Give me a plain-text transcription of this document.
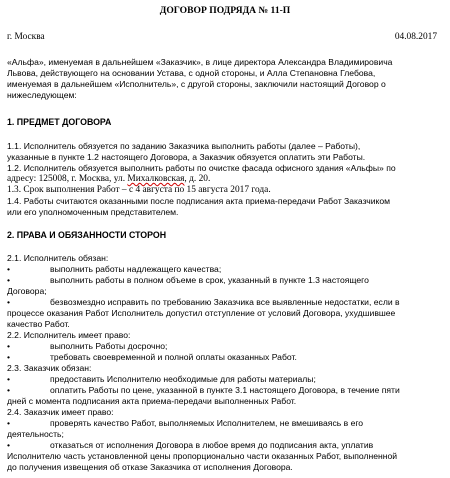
ДОГОВОР ПОДРЯДА № 11-П
г. Москва	04.08.2017
«Альфа», именуемая в дальнейшем «Заказчик», в лице директора Александра Владимировича
Львова, действующего на основании Устава, с одной стороны, и Алла Степановна Глебова,
именуемая в дальнейшем «Исполнитель», с другой стороны, заключили настоящий Договор о
нижеследующем:
1. ПРЕДМЕТ ДОГОВОРА
1.1. Исполнитель обязуется по заданию Заказчика выполнить работы (далее – Работы),
указанные в пункте 1.2 настоящего Договора, а Заказчик обязуется оплатить эти Работы.
1.2. Исполнитель обязуется выполнить работы по очистке фасада офисного здания «Альфы» по
адресу: 125008, г. Москва, ул. Михалковская, д. 20.
1.3. Срок выполнения Работ – с 4 августа по 15 августа 2017 года.
1.4. Работы считаются оказанными после подписания акта приема-передачи Работ Заказчиком
или его уполномоченным представителем.
2. ПРАВА И ОБЯЗАННОСТИ СТОРОН
2.1. Исполнитель обязан:
•	выполнить работы надлежащего качества;
•	выполнить работы в полном объеме в срок, указанный в пункте 1.3 настоящего
Договора;
•	безвозмездно исправить по требованию Заказчика все выявленные недостатки, если в
процессе оказания Работ Исполнитель допустил отступление от условий Договора, ухудшившее
качество Работ.
2.2. Исполнитель имеет право:
•	выполнить Работы досрочно;
•	требовать своевременной и полной оплаты оказанных Работ.
2.3. Заказчик обязан:
•	предоставить Исполнителю необходимые для работы материалы;
•	оплатить Работы по цене, указанной в пункте 3.1 настоящего Договора, в течение пяти
дней с момента подписания акта приема-передачи выполненных Работ.
2.4. Заказчик имеет право:
•	проверять качество Работ, выполняемых Исполнителем, не вмешиваясь в его
деятельность;
•	отказаться от исполнения Договора в любое время до подписания акта, уплатив
Исполнителю часть установленной цены пропорционально части оказанных Работ, выполненной
до получения извещения об отказе Заказчика от исполнения Договора.
